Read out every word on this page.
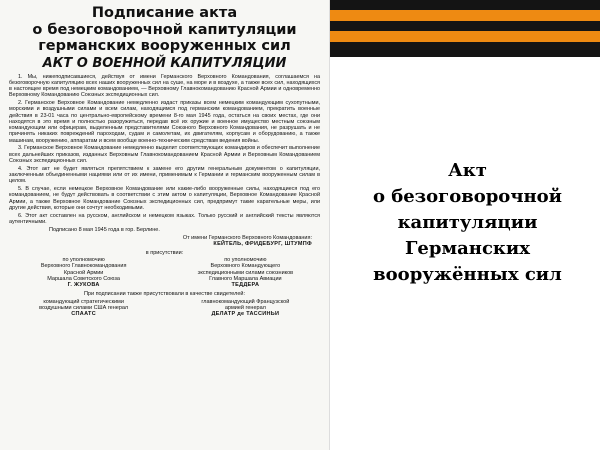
Подписание акта
о безоговорочной капитуляции
германских вооруженных сил
АКТ О ВОЕННОЙ КАПИТУЛЯЦИИ

1. Мы, нижеподписавшиеся, действуя от имени Германского Верховного Командования, соглашаемся на безоговорочную капитуляцию всех наших вооруженных сил на суше, на море и в воздухе, а также всех сил, находящихся в настоящее время под немецким командованием, — Верховному Главнокомандованию Красной Армии и одновременно Верховному Командованию Союзных экспедиционных сил.

2. Германское Верховное Командование немедленно издаст приказы всем немецким командующим сухопутными, морскими и воздушными силами и всем силам, находящимся под германским командованием, прекратить военные действия в 23-01 часа по центрально-европейскому времени 8-го мая 1945 года, остаться на своих местах, где они находятся в это время и полностью разоружиться, передав всё их оружие и военное имущество местным союзным командующим или офицерам, выделенным представителями Союзного Верховного Командования, не разрушать и не причинять никаких повреждений пароходам, судам и самолетам, их двигателям, корпусам и оборудованию, а также машинам, вооружению, аппаратам и всем вообще военно-техническим средствам ведения войны.

3. Германское Верховное Командование немедленно выделит соответствующих командиров и обеспечит выполнение всех дальнейших приказов, изданных Верховным Главнокомандованием Красной Армии и Верховным Командованием Союзных экспедиционных сил.

4. Этот акт не будет являться препятствием к замене его другим генеральным документом о капитуляции, заключенным объединенными нациями или от их имени, применимым к Германии и германским вооруженным силам в целом.

5. В случае, если немецкое Верховное Командование или какие-либо вооруженные силы, находящиеся под его командованием, не будут действовать в соответствии с этим актом о капитуляции, Верховное Командование Красной Армии, а также Верховное Командование Союзных экспедиционных сил, предпримут такие карательные меры, или другие действия, которые они сочтут необходимыми.

6. Этот акт составлен на русском, английском и немецком языках. Только русский и английский тексты являются аутентичными.

Подписано 8 мая 1945 года в гор. Берлине.
От имени Германского Верховного Командования:
КЕЙТЕЛЬ, ФРИДЕБУРГ, ШТУМПФ
в присутствии:
по уполномочию
Верховного Главнокомандования
Красной Армии
Маршала Советского Союза
Г. ЖУКОВА
по уполномочию
Верховного Командующего
экспедиционными силами союзников
Главного Маршала Авиации
ТЕДДЕРА
При подписании также присутствовали в качестве свидетелей:
командующий стратегическими
воздушными силами США генерал
СПААТС
главнокомандующий Французской
армией генерал
ДЕЛАТР де ТАССИНЬИ
Акт
о безоговорочной
капитуляции
Германских
вооружённых сил
